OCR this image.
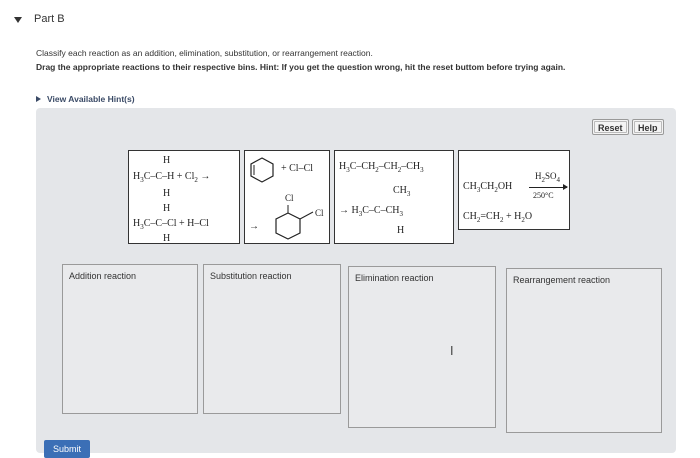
Part B
Classify each reaction as an addition, elimination, substitution, or rearrangement reaction.
Drag the appropriate reactions to their respective bins. Hint: If you get the question wrong, hit the reset buttom before trying again.
View Available Hint(s)
Reset	Help
H
$H_3C-C-H + Cl_2$ →
H
H
$H_3C-C-Cl + H-Cl$
H
+ Cl–Cl
Cl
Cl
→
$H_3C-CH_2-CH_2-CH_3$
$CH_3$
→ $H_3C-C-CH_3$
H
$CH_3CH_2OH$
$H_2SO_4$
250°C
$CH_2=CH_2 + H_2O$
Addition reaction	Substitution reaction	Elimination reaction	Rearrangement reaction
I
Submit
